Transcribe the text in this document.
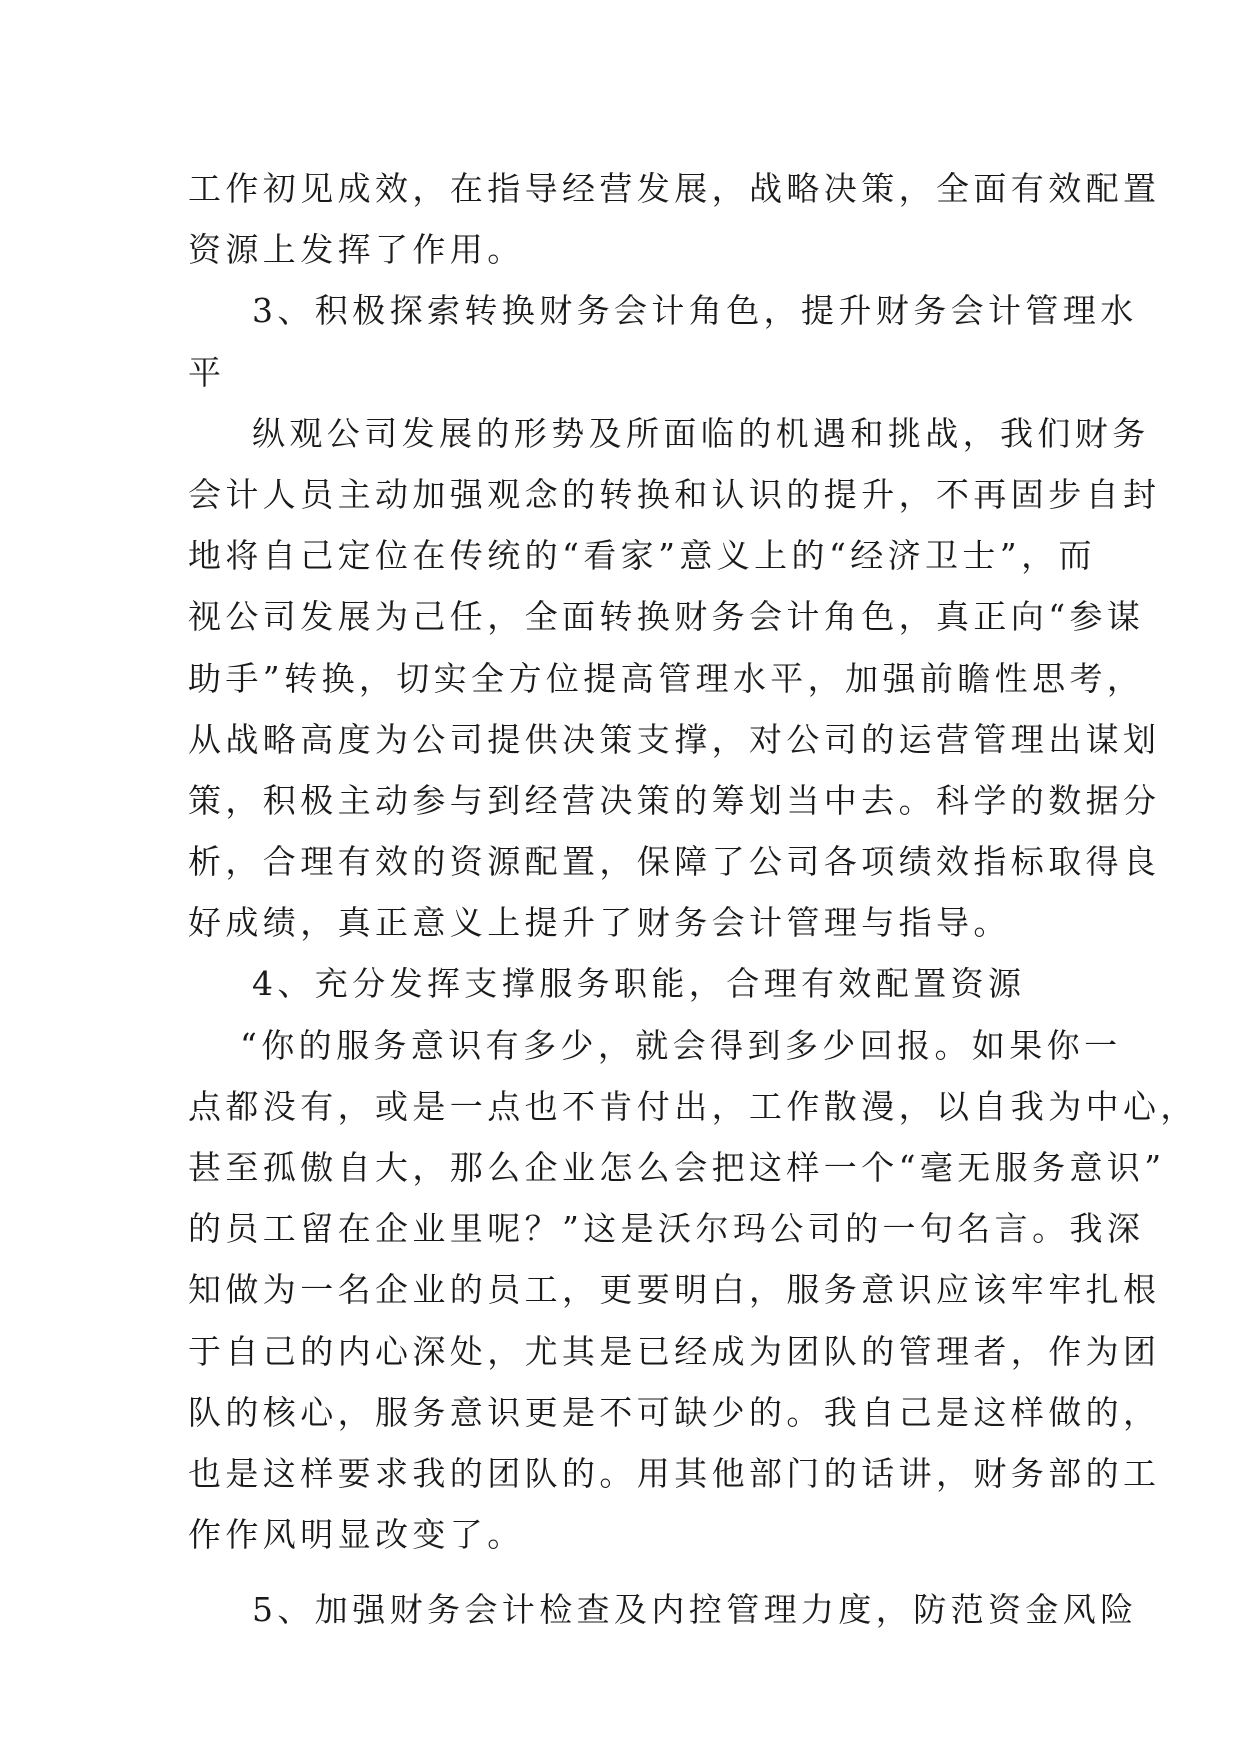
工作初见成效，在指导经营发展，战略决策，全面有效配置
资源上发挥了作用。
3、积极探索转换财务会计角色，提升财务会计管理水
平
纵观公司发展的形势及所面临的机遇和挑战，我们财务
会计人员主动加强观念的转换和认识的提升，不再固步自封
地将自己定位在传统的“看家”意义上的“经济卫士”，而
视公司发展为己任，全面转换财务会计角色，真正向“参谋
助手”转换，切实全方位提高管理水平，加强前瞻性思考，
从战略高度为公司提供决策支撑，对公司的运营管理出谋划
策，积极主动参与到经营决策的筹划当中去。科学的数据分
析，合理有效的资源配置，保障了公司各项绩效指标取得良
好成绩，真正意义上提升了财务会计管理与指导。
4、充分发挥支撑服务职能，合理有效配置资源
“你的服务意识有多少，就会得到多少回报。如果你一
点都没有，或是一点也不肯付出，工作散漫，以自我为中心，
甚至孤傲自大，那么企业怎么会把这样一个“毫无服务意识”
的员工留在企业里呢？”这是沃尔玛公司的一句名言。我深
知做为一名企业的员工，更要明白，服务意识应该牢牢扎根
于自己的内心深处，尤其是已经成为团队的管理者，作为团
队的核心，服务意识更是不可缺少的。我自己是这样做的，
也是这样要求我的团队的。用其他部门的话讲，财务部的工
作作风明显改变了。
5、加强财务会计检查及内控管理力度，防范资金风险
